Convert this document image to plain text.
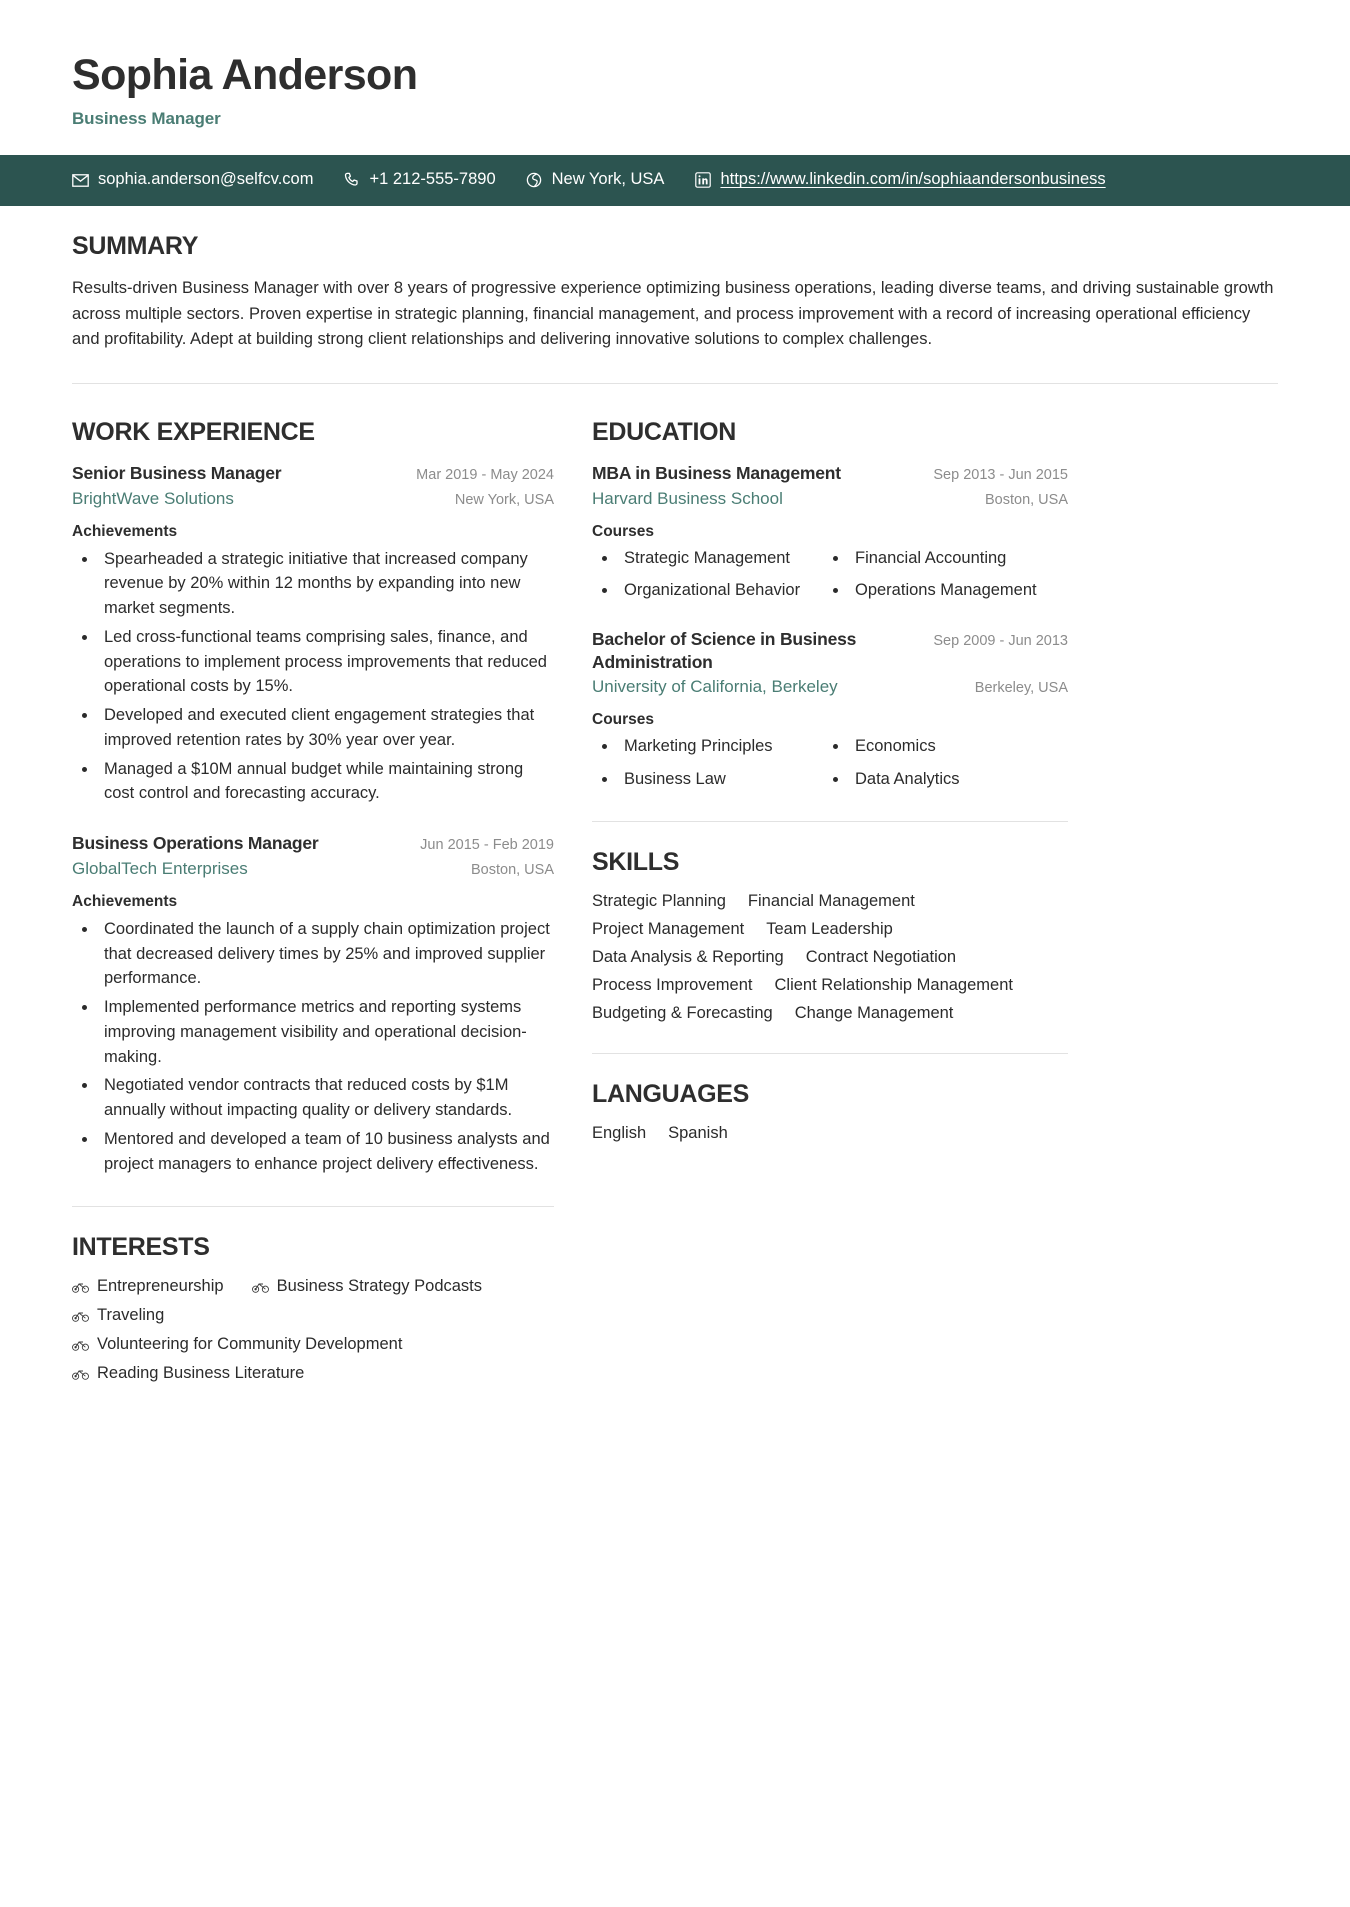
Sophia Anderson
Business Manager
sophia.anderson@selfcv.com	+1 212-555-7890	New York, USA	https://www.linkedin.com/in/sophiaandersonbusiness
SUMMARY
Results-driven Business Manager with over 8 years of progressive experience optimizing business operations, leading diverse teams, and driving sustainable growth across multiple sectors. Proven expertise in strategic planning, financial management, and process improvement with a record of increasing operational efficiency and profitability. Adept at building strong client relationships and delivering innovative solutions to complex challenges.
WORK EXPERIENCE
Senior Business Manager	Mar 2019 - May 2024
BrightWave Solutions	New York, USA
Achievements
• Spearheaded a strategic initiative that increased company revenue by 20% within 12 months by expanding into new market segments.
• Led cross-functional teams comprising sales, finance, and operations to implement process improvements that reduced operational costs by 15%.
• Developed and executed client engagement strategies that improved retention rates by 30% year over year.
• Managed a $10M annual budget while maintaining strong cost control and forecasting accuracy.
Business Operations Manager	Jun 2015 - Feb 2019
GlobalTech Enterprises	Boston, USA
Achievements
• Coordinated the launch of a supply chain optimization project that decreased delivery times by 25% and improved supplier performance.
• Implemented performance metrics and reporting systems improving management visibility and operational decision-making.
• Negotiated vendor contracts that reduced costs by $1M annually without impacting quality or delivery standards.
• Mentored and developed a team of 10 business analysts and project managers to enhance project delivery effectiveness.
INTERESTS
Entrepreneurship	Business Strategy Podcasts
Traveling
Volunteering for Community Development
Reading Business Literature
EDUCATION
MBA in Business Management	Sep 2013 - Jun 2015
Harvard Business School	Boston, USA
Courses
• Strategic Management	• Financial Accounting
• Organizational Behavior	• Operations Management
Bachelor of Science in Business Administration
Sep 2009 - Jun 2013
University of California, Berkeley	Berkeley, USA
Courses
• Marketing Principles	• Economics
• Business Law	• Data Analytics
SKILLS
Strategic Planning Financial Management
Project Management Team Leadership
Data Analysis & Reporting Contract Negotiation
Process Improvement Client Relationship Management
Budgeting & Forecasting Change Management
LANGUAGES
English Spanish
